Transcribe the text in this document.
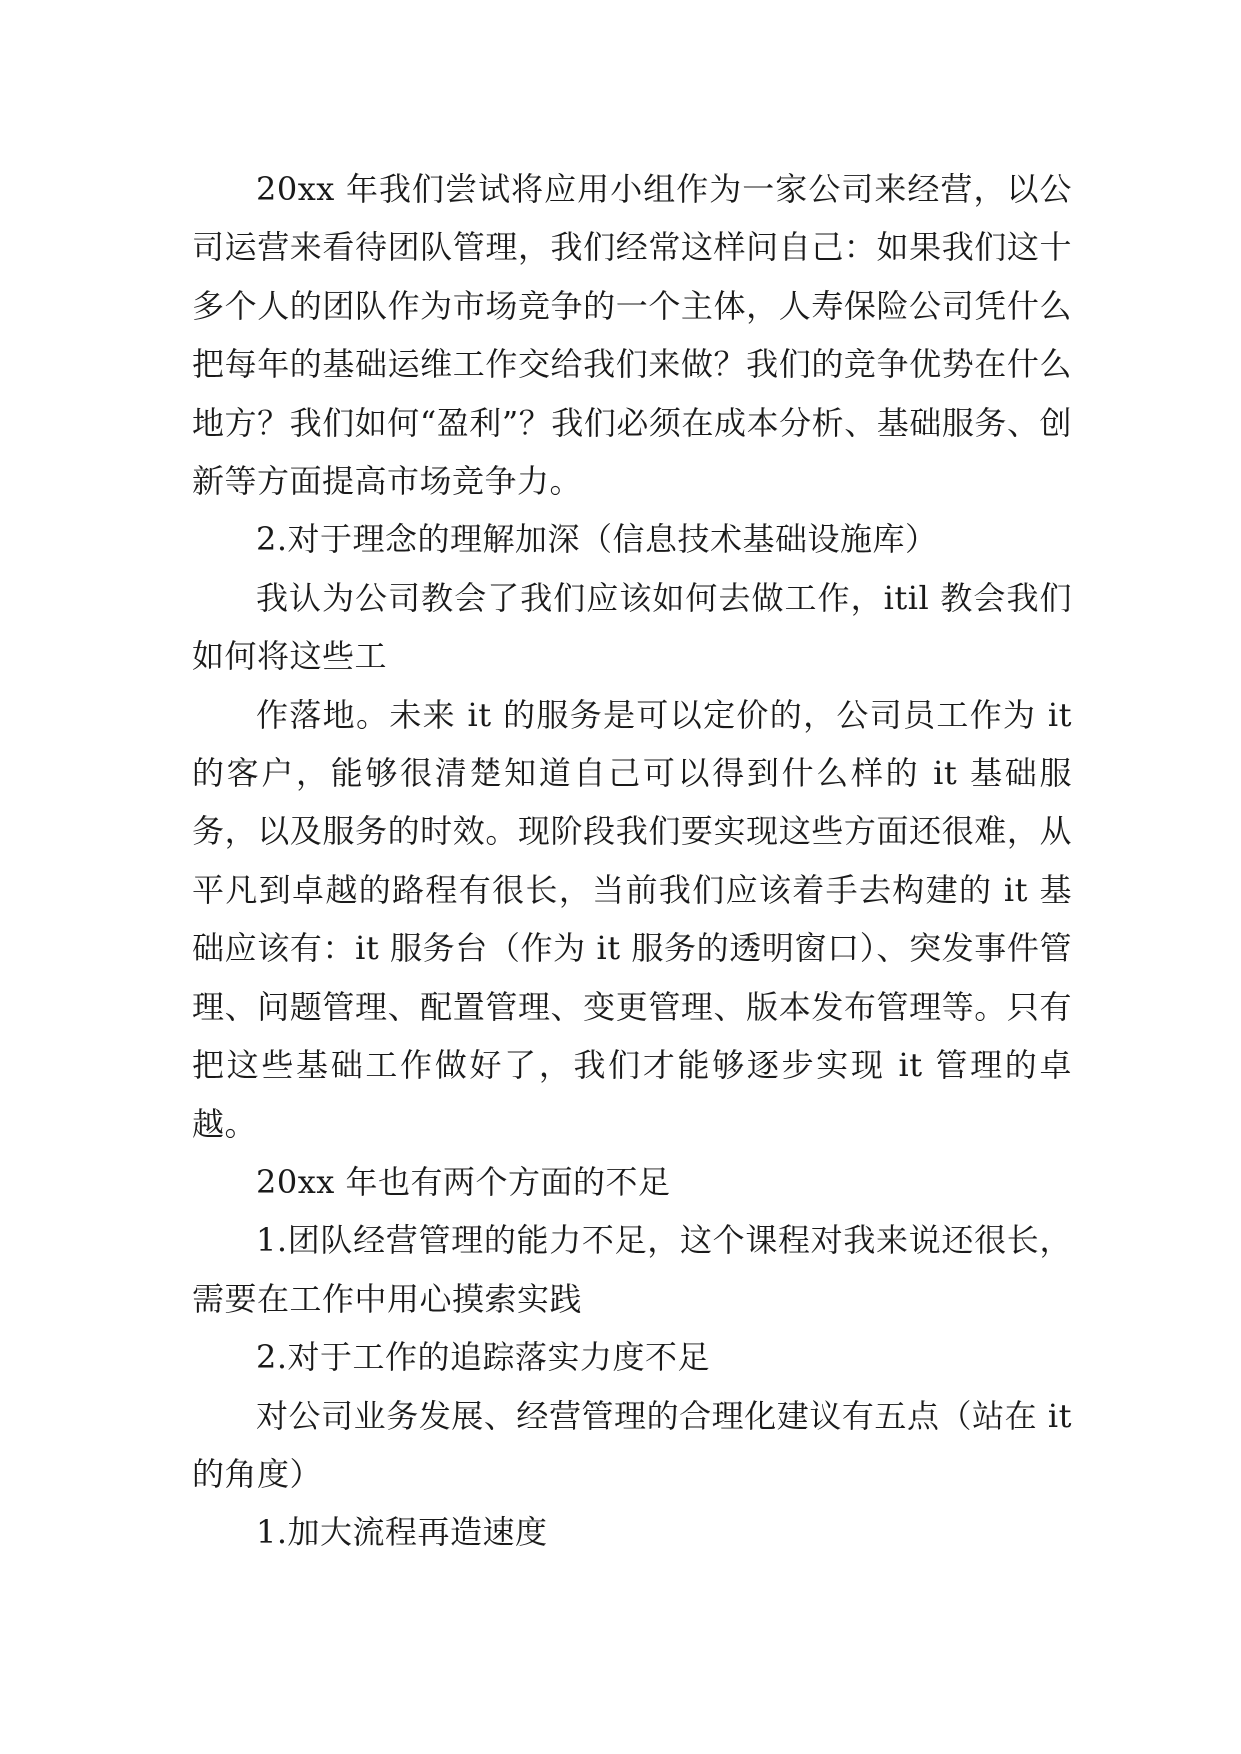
20xx 年我们尝试将应用小组作为一家公司来经营，以公司运营来看待团队管理，我们经常这样问自己：如果我们这十多个人的团队作为市场竞争的一个主体，人寿保险公司凭什么把每年的基础运维工作交给我们来做？我们的竞争优势在什么地方？我们如何“盈利”？我们必须在成本分析、基础服务、创新等方面提高市场竞争力。

2.对于理念的理解加深（信息技术基础设施库）

我认为公司教会了我们应该如何去做工作，itil 教会我们如何将这些工

作落地。未来 it 的服务是可以定价的，公司员工作为 it 的客户，能够很清楚知道自己可以得到什么样的 it 基础服务，以及服务的时效。现阶段我们要实现这些方面还很难，从平凡到卓越的路程有很长，当前我们应该着手去构建的 it 基础应该有：it 服务台（作为 it 服务的透明窗口）、突发事件管理、问题管理、配置管理、变更管理、版本发布管理等。只有把这些基础工作做好了，我们才能够逐步实现 it 管理的卓越。

20xx 年也有两个方面的不足

1.团队经营管理的能力不足，这个课程对我来说还很长，需要在工作中用心摸索实践

2.对于工作的追踪落实力度不足

对公司业务发展、经营管理的合理化建议有五点（站在 it 的角度）

1.加大流程再造速度
